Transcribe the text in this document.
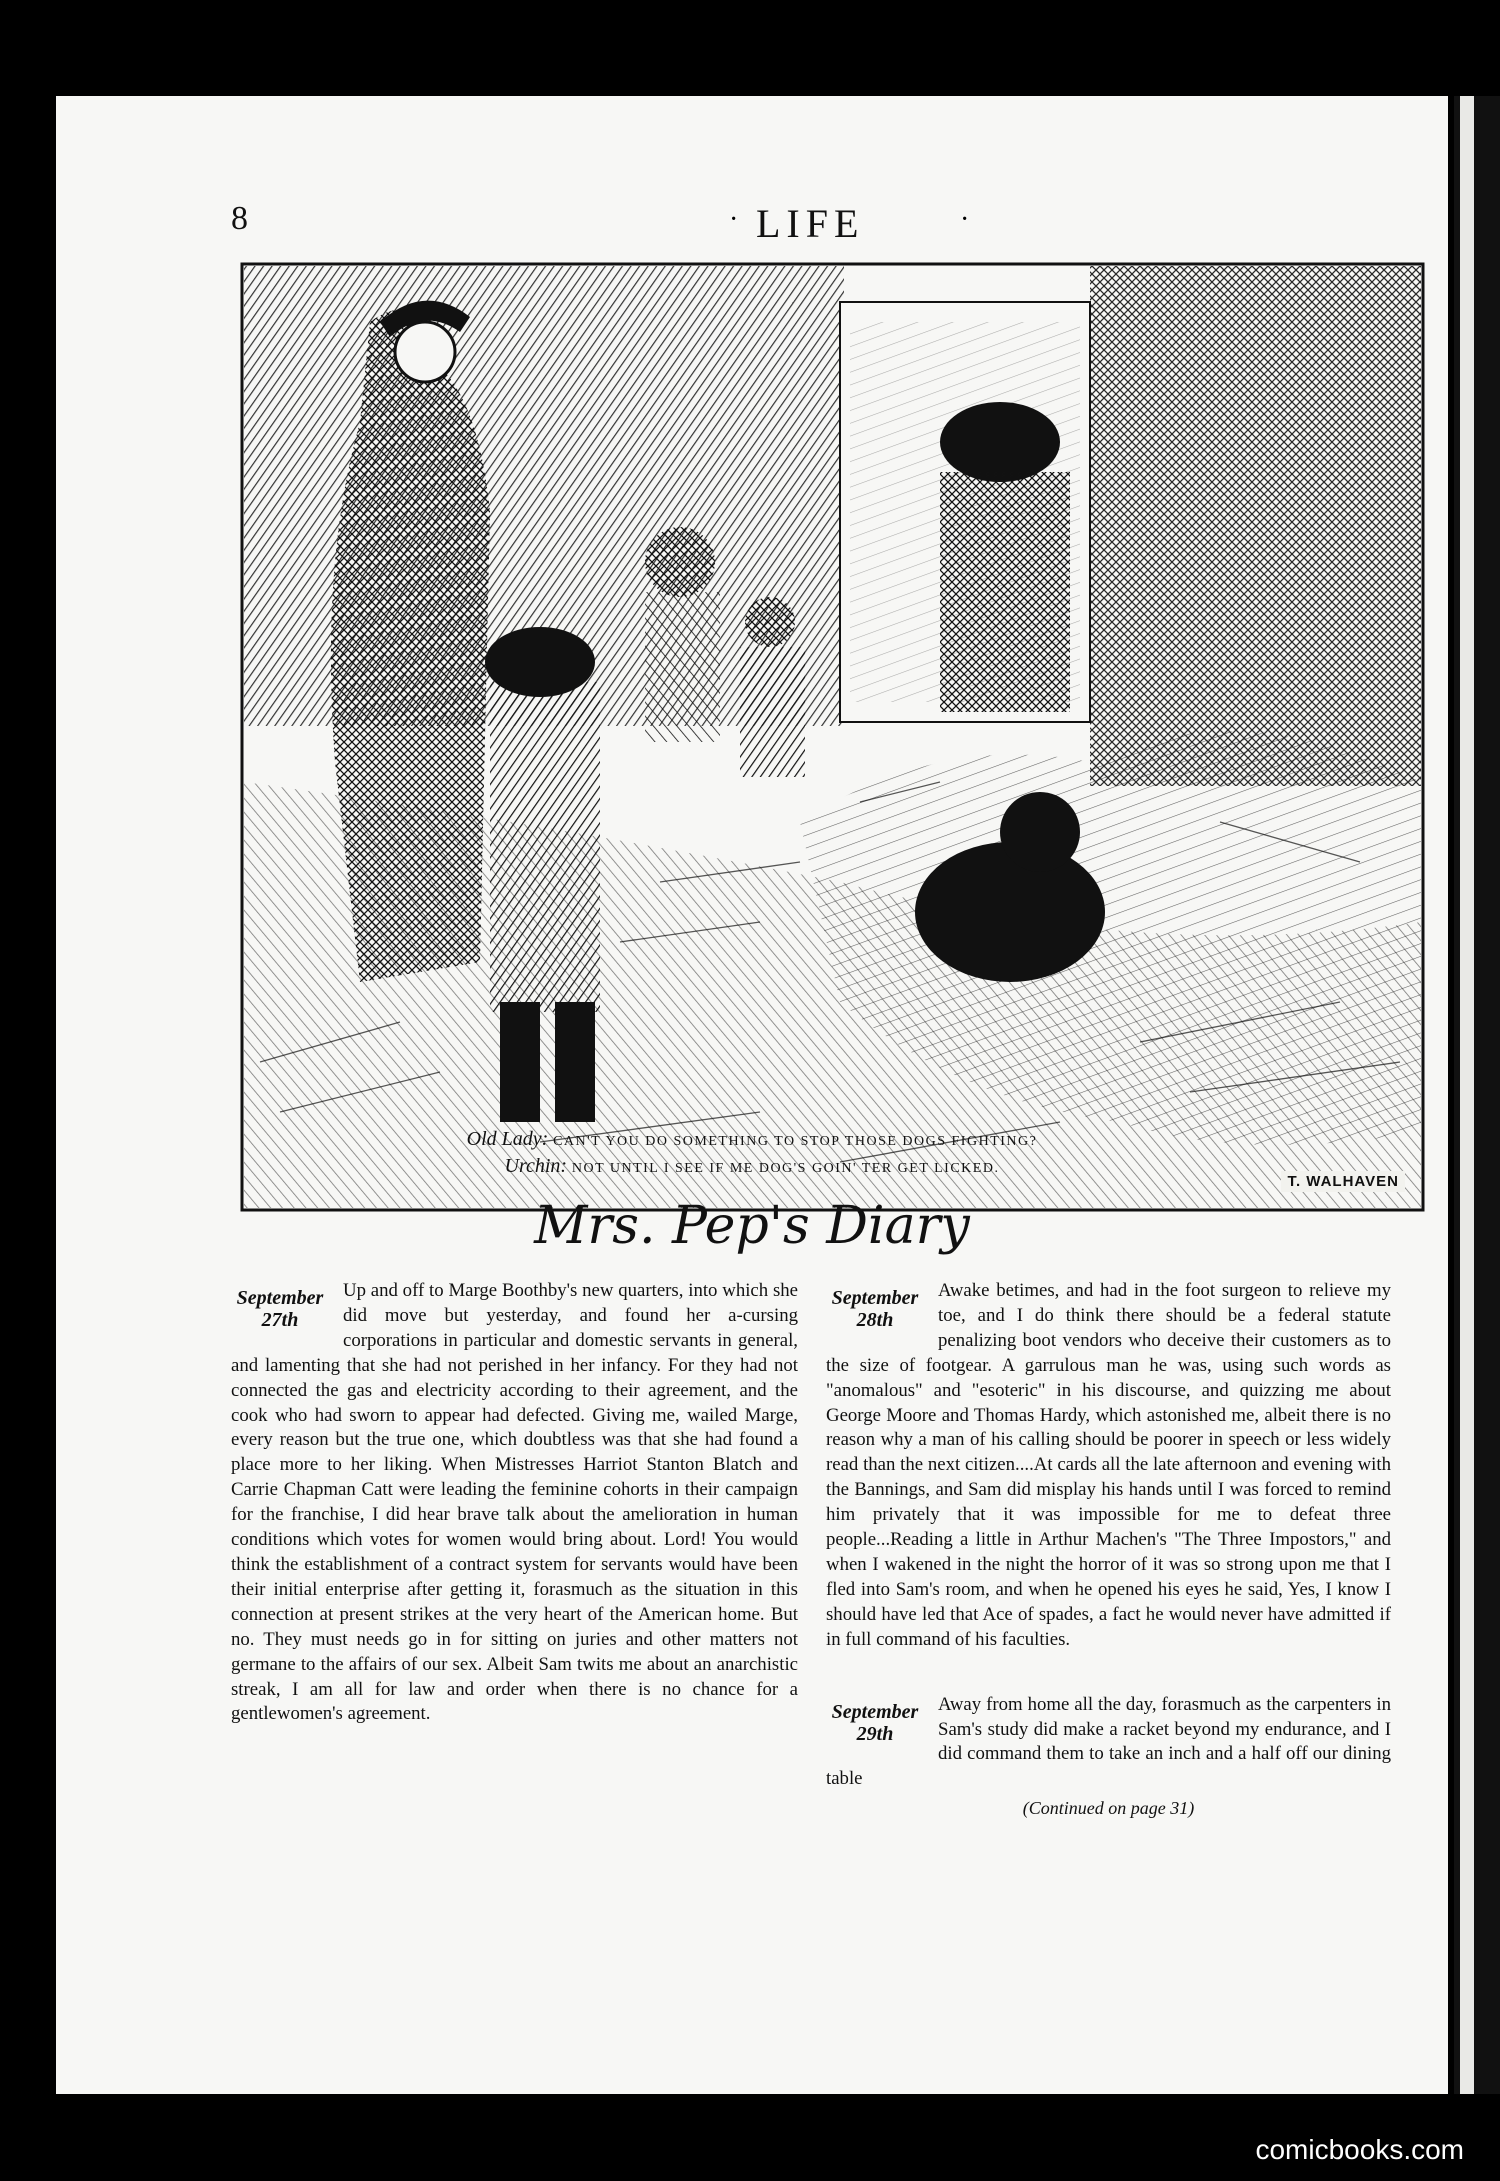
8	· LIFE	·
T. WALHAVEN
Old Lady: CAN'T YOU DO SOMETHING TO STOP THOSE DOGS FIGHTING?
Urchin: NOT UNTIL I SEE IF ME DOG'S GOIN' TER GET LICKED.
Mrs. Pep's Diary
September
27th

Up and off to Marge Boothby's new quarters, into which she did move but yesterday, and found her a-cursing corporations in particular and domestic servants in general, and lamenting that she had not perished in her infancy. For they had not connected the gas and electricity according to their agreement, and the cook who had sworn to appear had defected. Giving me, wailed Marge, every reason but the true one, which doubtless was that she had found a place more to her liking. When Mistresses Harriot Stanton Blatch and Carrie Chapman Catt were leading the feminine cohorts in their campaign for the franchise, I did hear brave talk about the amelioration in human conditions which votes for women would bring about. Lord! You would think the establishment of a contract system for servants would have been their initial enterprise after getting it, forasmuch as the situation in this connection at present strikes at the very heart of the American home. But no. They must needs go in for sitting on juries and other matters not germane to the affairs of our sex. Albeit Sam twits me about an anarchistic streak, I am all for law and order when there is no chance for a gentlewomen's agreement.

September
28th

Awake betimes, and had in the foot surgeon to relieve my toe, and I do think there should be a federal statute penalizing boot vendors who deceive their customers as to the size of footgear. A garrulous man he was, using such words as "anomalous" and "esoteric" in his discourse, and quizzing me about George Moore and Thomas Hardy, which astonished me, albeit there is no reason why a man of his calling should be poorer in speech or less widely read than the next citizen....At cards all the late afternoon and evening with the Bannings, and Sam did misplay his hands until I was forced to remind him privately that it was impossible for me to defeat three people...Reading a little in Arthur Machen's "The Three Impostors," and when I wakened in the night the horror of it was so strong upon me that I fled into Sam's room, and when he opened his eyes he said, Yes, I know I should have led that Ace of spades, a fact he would never have admitted if in full command of his faculties.

September
29th

Away from home all the day, forasmuch as the carpenters in Sam's study did make a racket beyond my endurance, and I did command them to take an inch and a half off our dining table

(Continued on page 31)
comicbooks.com
